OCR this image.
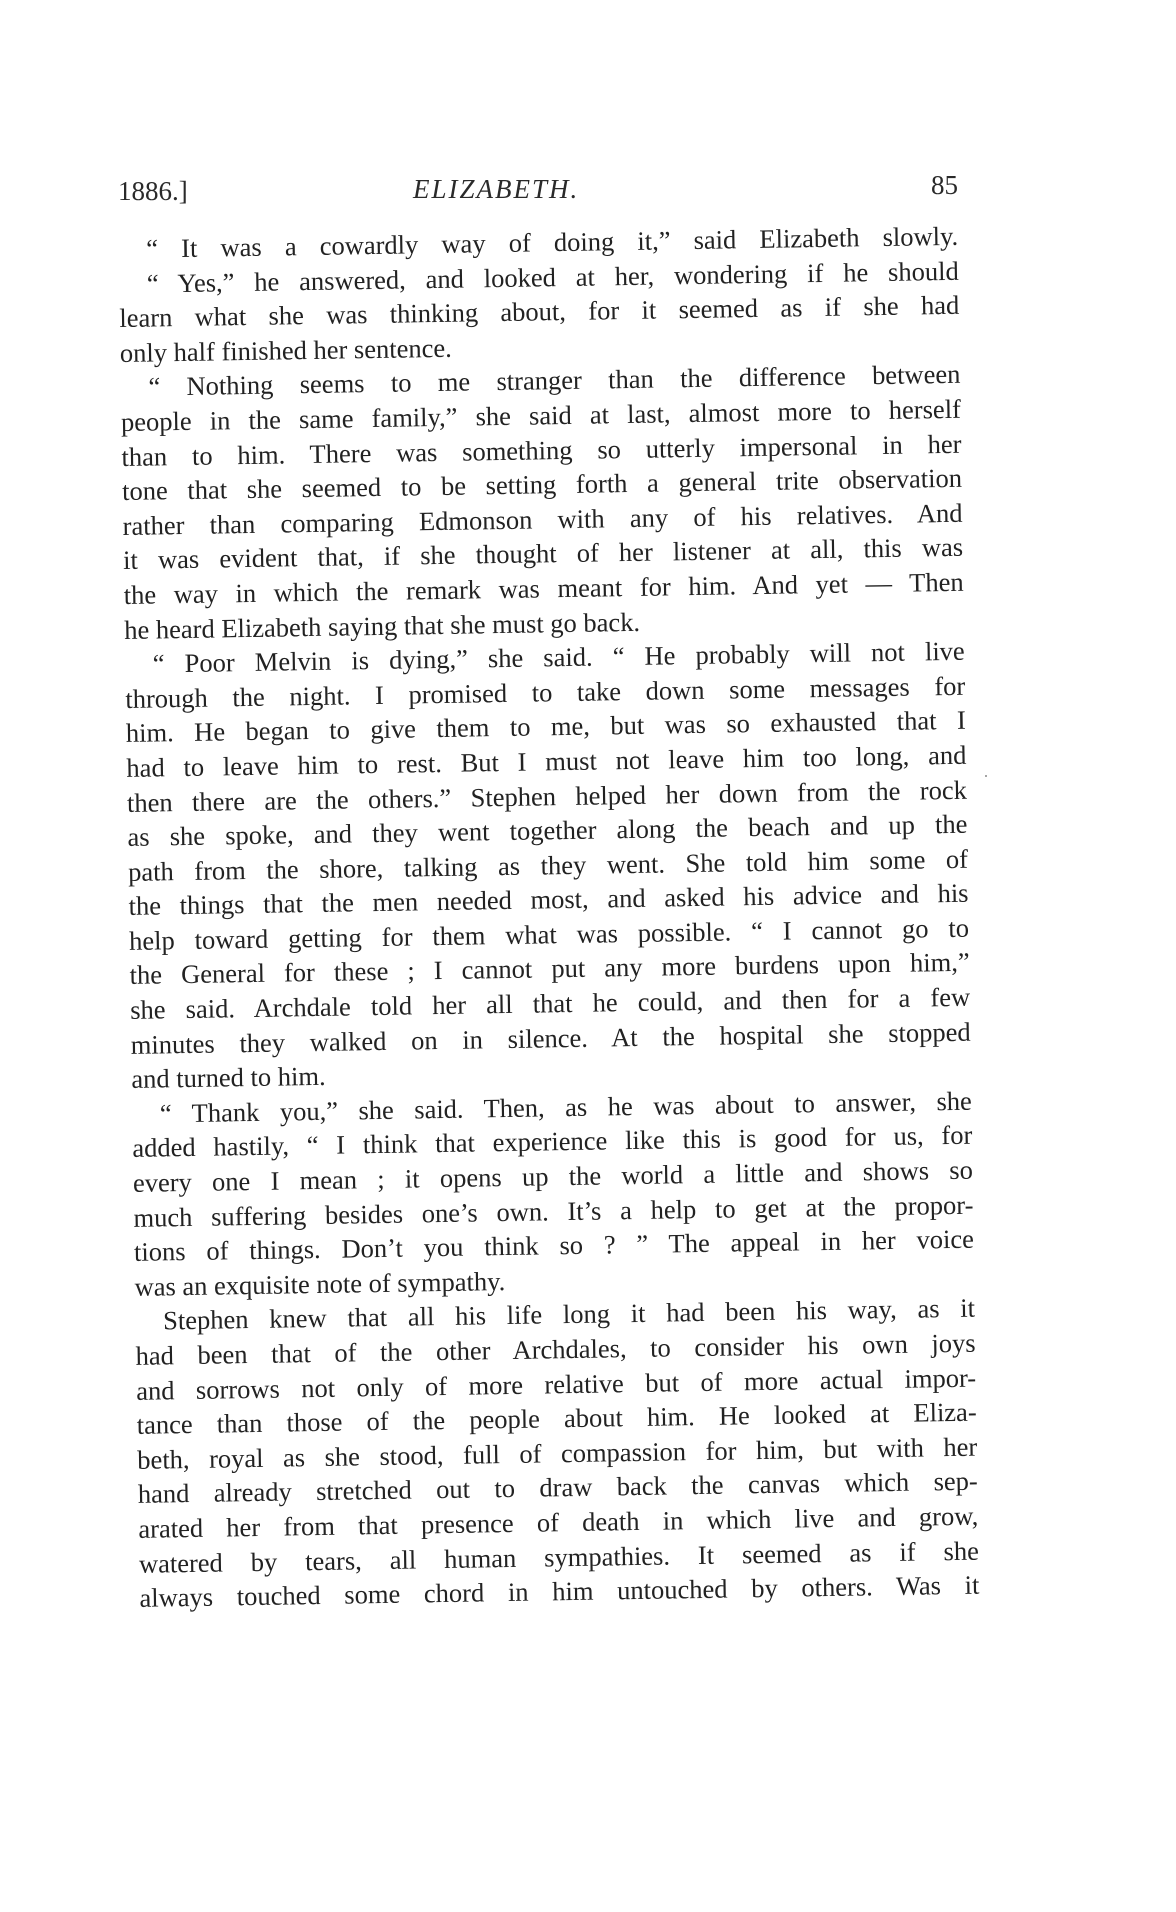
1886.]	ELIZABETH.	85
“ It was a cowardly way of doing it,” said Elizabeth slowly.
“ Yes,” he answered, and looked at her, wondering if he should
learn what she was thinking about, for it seemed as if she had
only half finished her sentence.
“ Nothing seems to me stranger than the difference between
people in the same family,” she said at last, almost more to herself
than to him. There was something so utterly impersonal in her
tone that she seemed to be setting forth a general trite observation
rather than comparing Edmonson with any of his relatives. And
it was evident that, if she thought of her listener at all, this was
the way in which the remark was meant for him. And yet — Then
he heard Elizabeth saying that she must go back.
“ Poor Melvin is dying,” she said. “ He probably will not live
through the night. I promised to take down some messages for
him. He began to give them to me, but was so exhausted that I
had to leave him to rest. But I must not leave him too long, and
then there are the others.” Stephen helped her down from the rock
as she spoke, and they went together along the beach and up the
path from the shore, talking as they went. She told him some of
the things that the men needed most, and asked his advice and his
help toward getting for them what was possible. “ I cannot go to
the General for these ; I cannot put any more burdens upon him,”
she said. Archdale told her all that he could, and then for a few
minutes they walked on in silence. At the hospital she stopped
and turned to him.
“ Thank you,” she said. Then, as he was about to answer, she
added hastily, “ I think that experience like this is good for us, for
every one I mean ; it opens up the world a little and shows so
much suffering besides one’s own. It’s a help to get at the propor-
tions of things. Don’t you think so ? ” The appeal in her voice
was an exquisite note of sympathy.
Stephen knew that all his life long it had been his way, as it
had been that of the other Archdales, to consider his own joys
and sorrows not only of more relative but of more actual impor-
tance than those of the people about him. He looked at Eliza-
beth, royal as she stood, full of compassion for him, but with her
hand already stretched out to draw back the canvas which sep-
arated her from that presence of death in which live and grow,
watered by tears, all human sympathies. It seemed as if she
always touched some chord in him untouched by others. Was it
